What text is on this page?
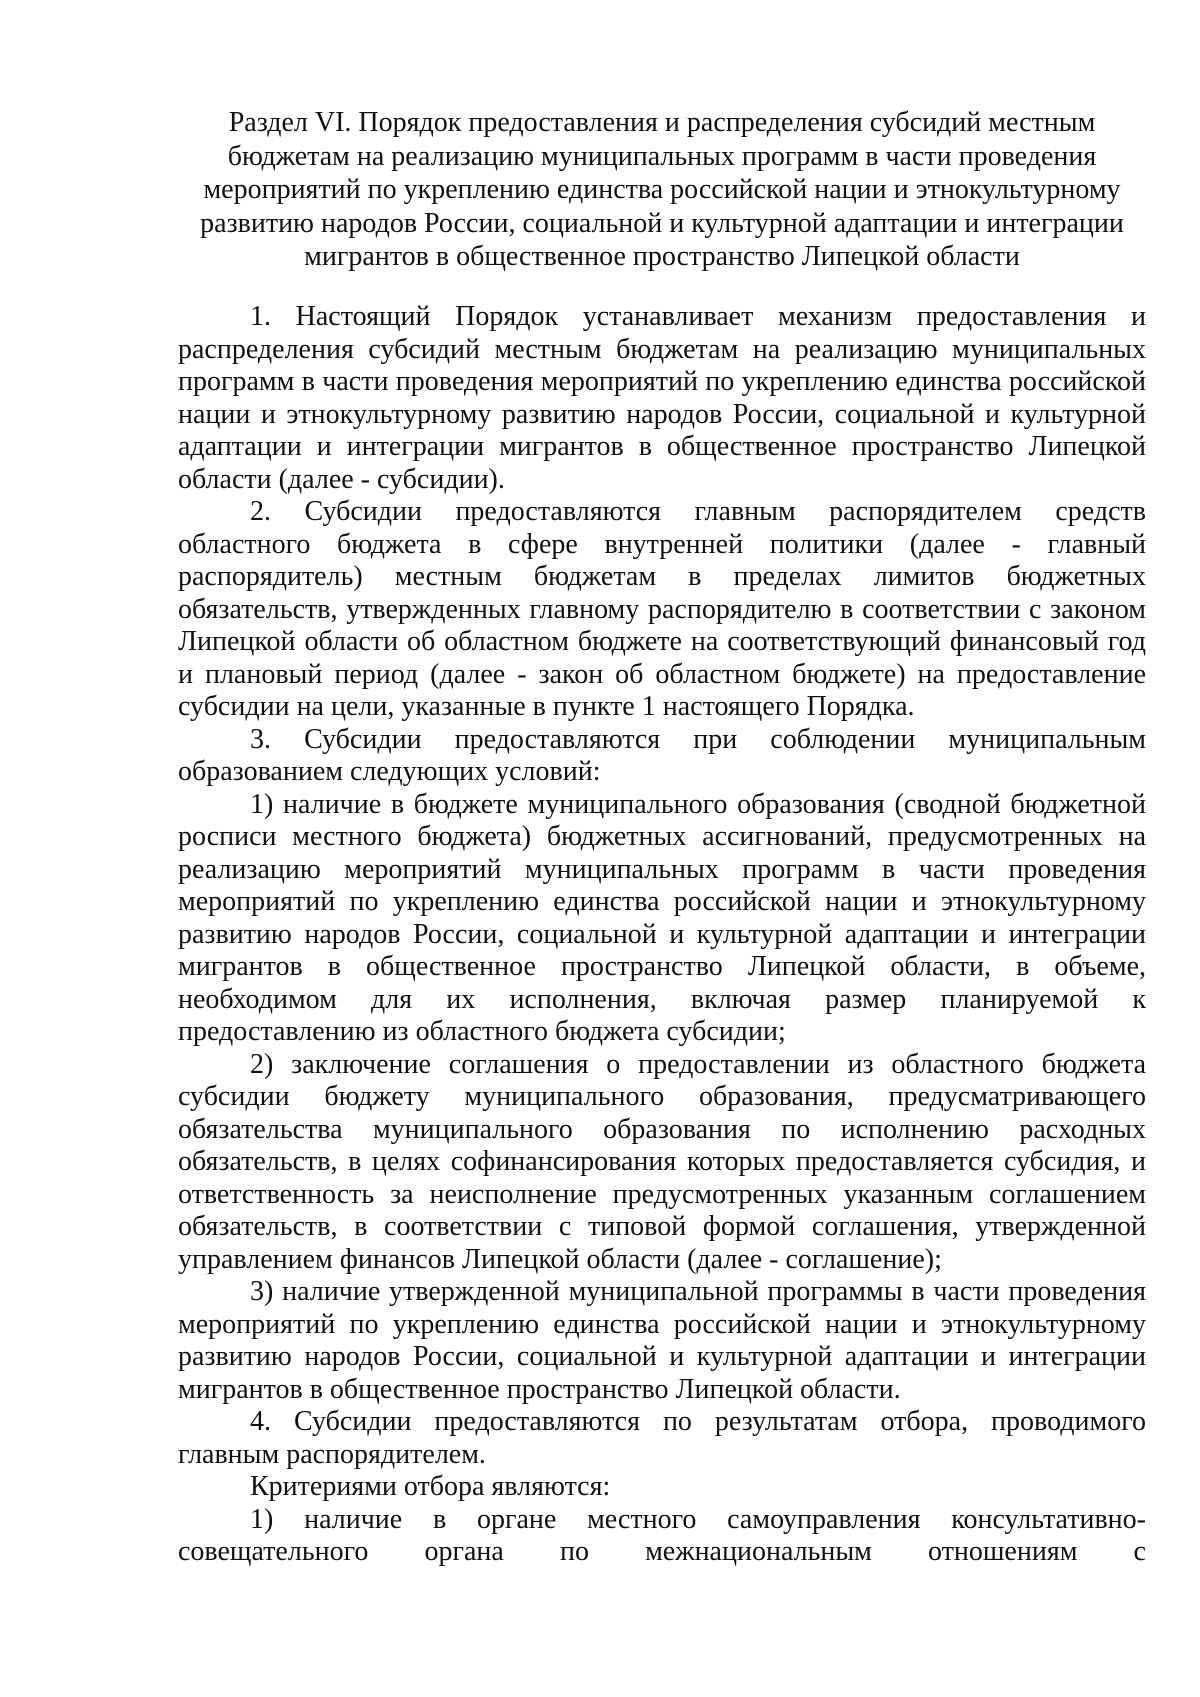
Раздел VI. Порядок предоставления и распределения субсидий местным бюджетам на реализацию муниципальных программ в части проведения мероприятий по укреплению единства российской нации и этнокультурному развитию народов России, социальной и культурной адаптации и интеграции мигрантов в общественное пространство Липецкой области

1. Настоящий Порядок устанавливает механизм предоставления и распределения субсидий местным бюджетам на реализацию муниципальных программ в части проведения мероприятий по укреплению единства российской нации и этнокультурному развитию народов России, социальной и культурной адаптации и интеграции мигрантов в общественное пространство Липецкой области (далее - субсидии).

2. Субсидии предоставляются главным распорядителем средств областного бюджета в сфере внутренней политики (далее - главный распорядитель) местным бюджетам в пределах лимитов бюджетных обязательств, утвержденных главному распорядителю в соответствии с законом Липецкой области об областном бюджете на соответствующий финансовый год и плановый период (далее - закон об областном бюджете) на предоставление субсидии на цели, указанные в пункте 1 настоящего Порядка.

3. Субсидии предоставляются при соблюдении муниципальным образованием следующих условий:

1) наличие в бюджете муниципального образования (сводной бюджетной росписи местного бюджета) бюджетных ассигнований, предусмотренных на реализацию мероприятий муниципальных программ в части проведения мероприятий по укреплению единства российской нации и этнокультурному развитию народов России, социальной и культурной адаптации и интеграции мигрантов в общественное пространство Липецкой области, в объеме, необходимом для их исполнения, включая размер планируемой к предоставлению из областного бюджета субсидии;

2) заключение соглашения о предоставлении из областного бюджета субсидии бюджету муниципального образования, предусматривающего обязательства муниципального образования по исполнению расходных обязательств, в целях софинансирования которых предоставляется субсидия, и ответственность за неисполнение предусмотренных указанным соглашением обязательств, в соответствии с типовой формой соглашения, утвержденной управлением финансов Липецкой области (далее - соглашение);

3) наличие утвержденной муниципальной программы в части проведения мероприятий по укреплению единства российской нации и этнокультурному развитию народов России, социальной и культурной адаптации и интеграции мигрантов в общественное пространство Липецкой области.

4. Субсидии предоставляются по результатам отбора, проводимого главным распорядителем.

Критериями отбора являются:

1) наличие в органе местного самоуправления консультативно-совещательного органа по межнациональным отношениям с
